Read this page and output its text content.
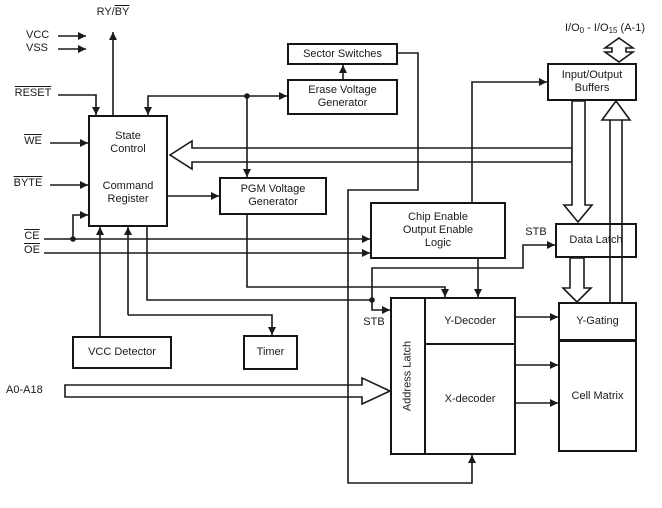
State
Control
Command
Register
Sector Switches
Erase Voltage
Generator
PGM Voltage
Generator
Chip Enable
Output Enable
Logic
Input/Output
Buffers
Data Latch
VCC Detector	Timer	Address Latch
Y-Decoder
X-decoder
Y-Gating
Cell Matrix
VCC
VSS
$RY/\overline{BY}$
RESET
$\overline{WE}$
BYTE
$\overline{CE}$
$\overline{OE}$
A0-A18
STB
STB
I/O0 - I/O15 (A-1)
